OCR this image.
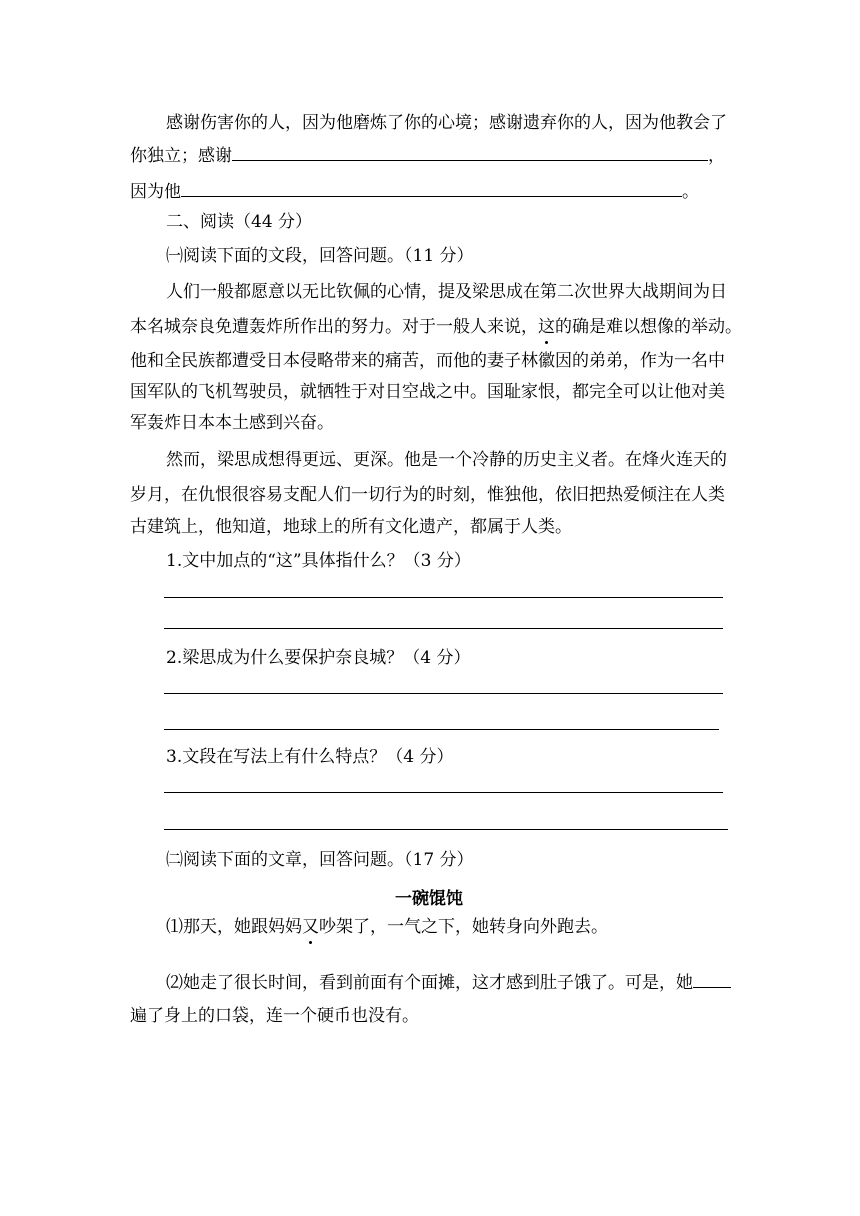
感谢伤害你的人，因为他磨炼了你的心境；感谢遗弃你的人，因为他教会了
你独立；感谢	，
因为他	。
二、阅读（44 分）
㈠阅读下面的文段，回答问题。（11 分）
人们一般都愿意以无比钦佩的心情，提及梁思成在第二次世界大战期间为日
本名城奈良免遭轰炸所作出的努力。对于一般人来说，这的确是难以想像的举动。
他和全民族都遭受日本侵略带来的痛苦，而他的妻子林徽因的弟弟，作为一名中
国军队的飞机驾驶员，就牺牲于对日空战之中。国耻家恨，都完全可以让他对美
军轰炸日本本土感到兴奋。
然而，梁思成想得更远、更深。他是一个冷静的历史主义者。在烽火连天的
岁月，在仇恨很容易支配人们一切行为的时刻，惟独他，依旧把热爱倾注在人类
古建筑上，他知道，地球上的所有文化遗产，都属于人类。
1.文中加点的“这”具体指什么？（3 分）
2.梁思成为什么要保护奈良城？（4 分）
3.文段在写法上有什么特点？（4 分）
㈡阅读下面的文章，回答问题。（17 分）
一碗馄饨
⑴那天，她跟妈妈又吵架了，一气之下，她转身向外跑去。
⑵她走了很长时间，看到前面有个面摊，这才感到肚子饿了。可是，她
遍了身上的口袋，连一个硬币也没有。
